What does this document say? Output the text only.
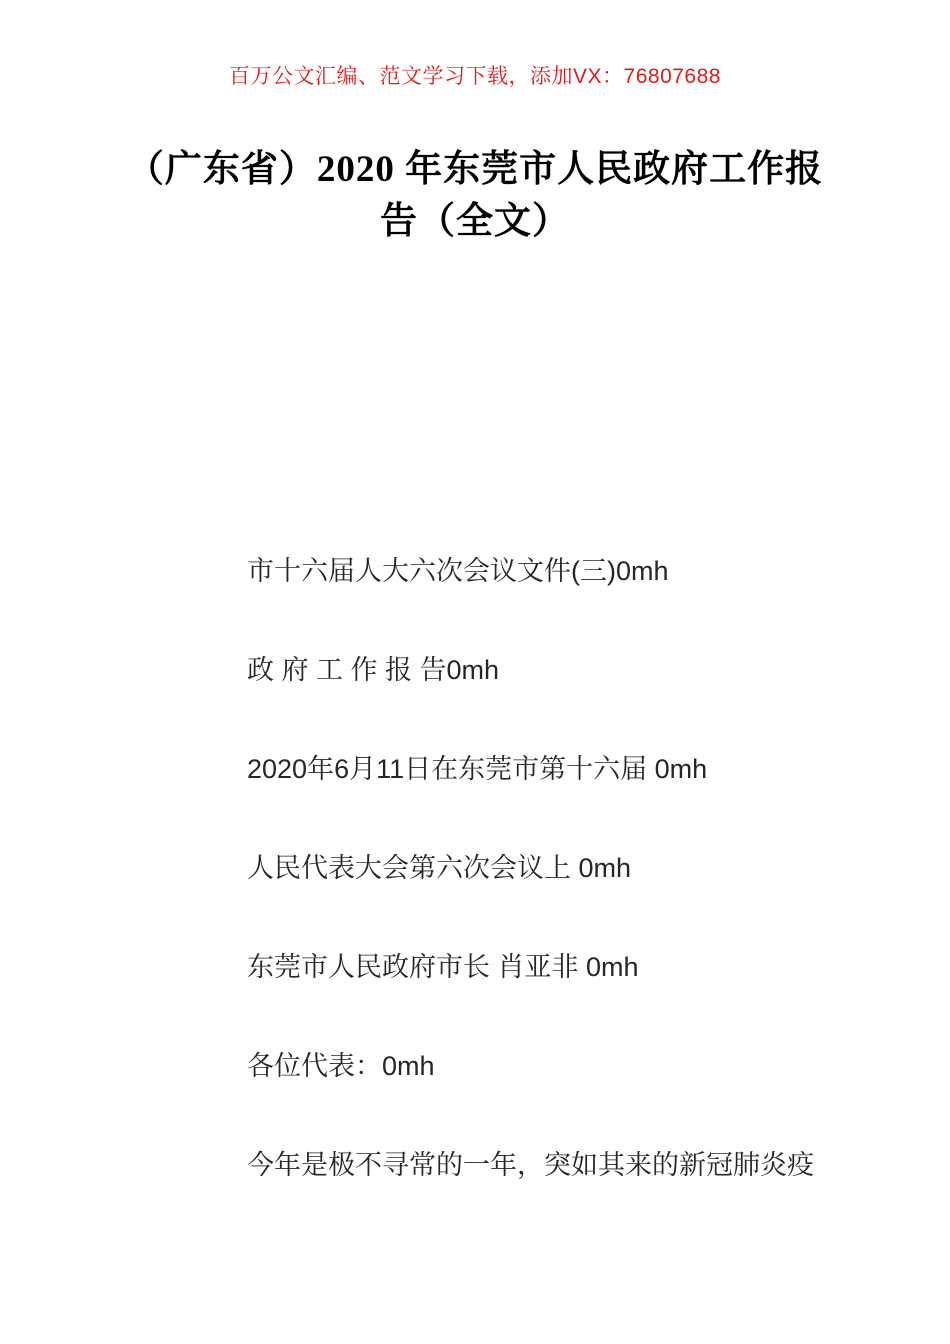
百万公文汇编、范文学习下载，添加VX：76807688
（广东省）2020 年东莞市人民政府工作报
告（全文）

市十六届人大六次会议文件(三)0mh

政 府 工 作 报 告0mh

2020年6月11日在东莞市第十六届 0mh

人民代表大会第六次会议上 0mh

东莞市人民政府市长 肖亚非 0mh

各位代表：0mh

今年是极不寻常的一年，突如其来的新冠肺炎疫
